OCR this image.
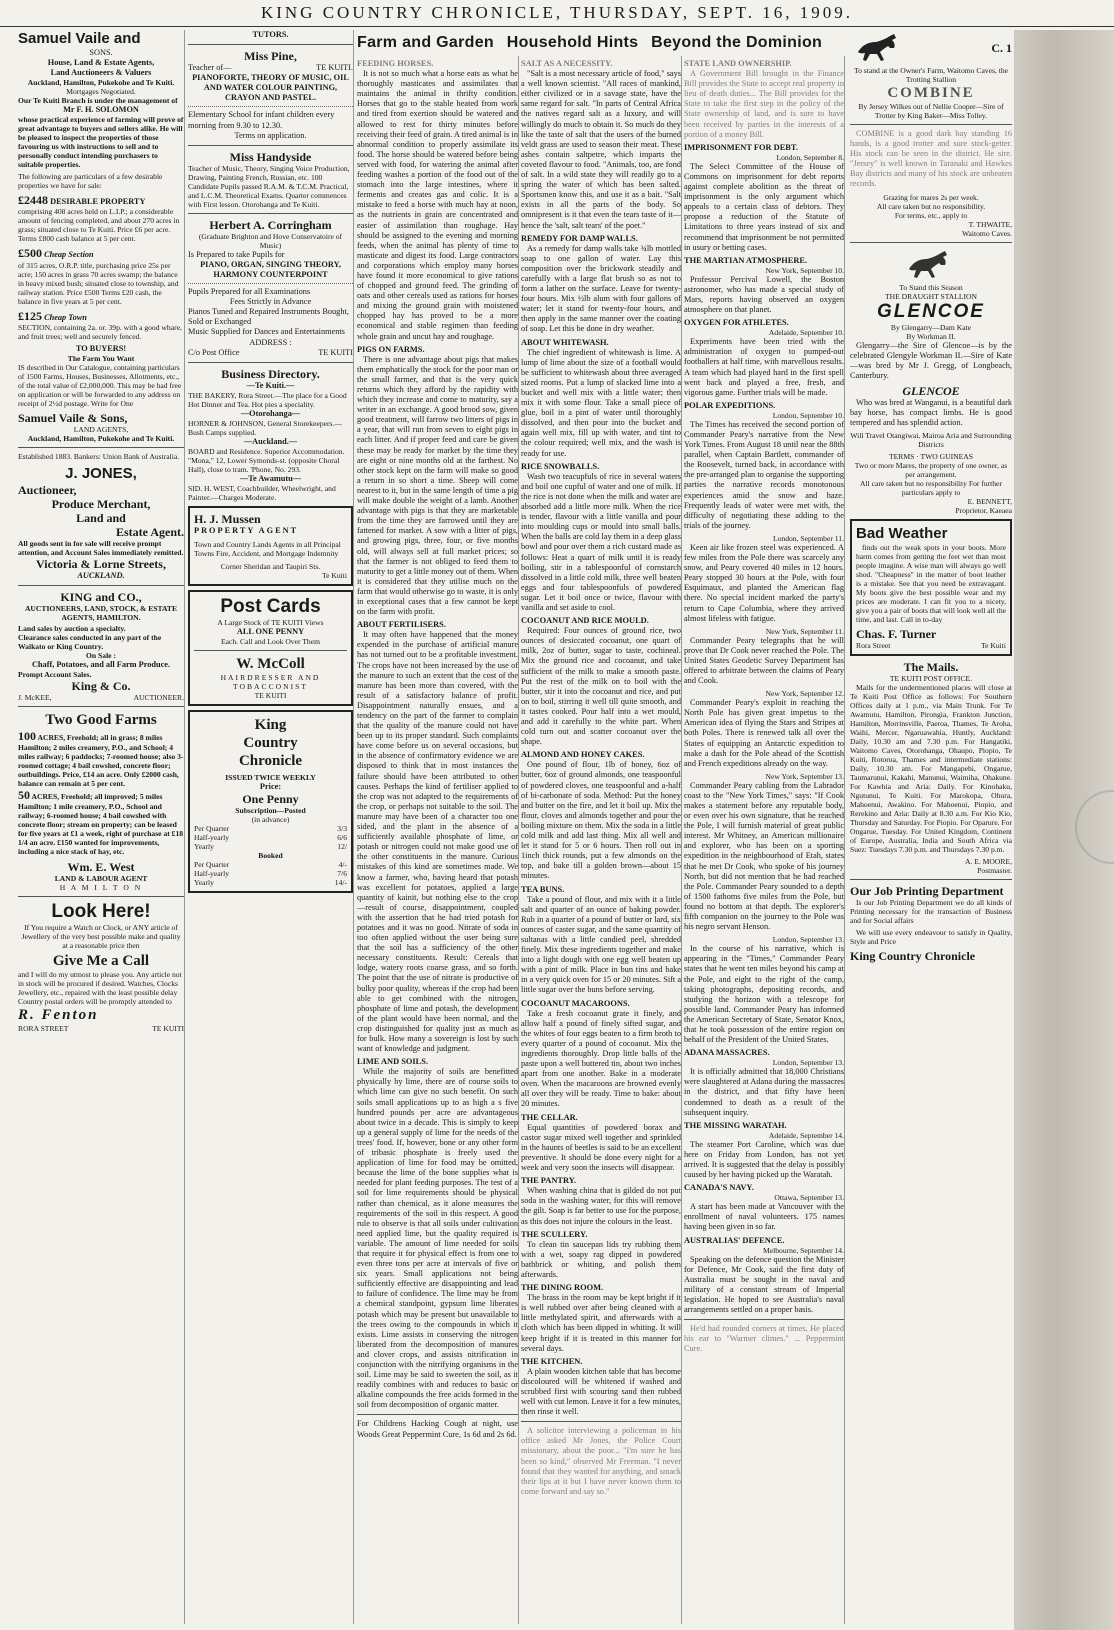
KING COUNTRY CHRONICLE, THURSDAY, SEPT. 16, 1909.
Farm and Garden Household Hints Beyond the Dominion
Samuel Vaile and
SONS.
House, Land & Estate Agents,
Land Auctioneers & Valuers
Auckland, Hamilton, Pukekohe and Te Kuiti.
Mortgages Negotiated.
Our Te Kuiti Branch is under the management of
Mr F. H. SOLOMON
whose practical experience of farming will prove of great advantage to buyers and sellers alike. He will be pleased to inspect the properties of those favouring us with instructions to sell and to personally conduct intending purchasers to suitable properties.
The following are particulars of a few desirable properties we have for sale:
£2448 DESIRABLE PROPERTY
comprising 408 acres held on L.I.P.; a considerable amount of fencing completed, and about 270 acres in grass; situated close to Te Kuiti. Price £6 per acre. Terms £800 cash balance at 5 per cent.
£500 Cheap Section
of 315 acres, O.R.P. title, purchasing price 25s per acre; 150 acres in grass 70 acres swamp; the balance in heavy mixed bush; situated close to township, and railway station. Price £500 Terms £20 cash, the balance in five years at 5 per cent.
£125 Cheap Town
SECTION, containing 2a. or. 39p. with a good whare, and fruit trees; well and securely fenced.
TO BUYERS!
The Farm You Want
IS described in Our Catalogue, containing particulars of 1500 Farms, Houses, Businesses, Allotments, etc., of the total value of £2,000,000. This may be had free on application or will be forwarded to any address on receipt of 2½d postage. Write for One
Samuel Vaile & Sons,
LAND AGENTS,
Auckland, Hamilton, Pukekohe and Te Kuiti.
Established 1883. Bankers: Union Bank of Australia.
J. JONES,
Auctioneer,
Produce Merchant,
Land and
Estate Agent.
All goods sent in for sale will receive prompt attention, and Account Sales immediately remitted.
Victoria & Lorne Streets,
AUCKLAND.
KING and CO.,
AUCTIONEERS, LAND, STOCK, & ESTATE AGENTS, HAMILTON.
Land sales by auction a specialty.
Clearance sales conducted in any part of the Waikato or King Country.
On Sale :
Chaff, Potatoes, and all Farm Produce.
Prompt Account Sales.
King & Co.
J. McKEE,	AUCTIONEER.
Two Good Farms
100 ACRES, Freehold; all in grass; 8 miles Hamilton; 2 miles creamery, P.O., and School; 4 miles railway; 6 paddocks; 7-roomed house; also 3-roomed cottage; 4 bail cowshed, concrete floor; outbuildings. Price, £14 an acre. Only £2000 cash, balance can remain at 5 per cent.
50 ACRES, Freehold; all improved; 5 miles Hamilton; 1 mile creamery, P.O., School and railway; 6-roomed house; 4 bail cowshed with concrete floor; stream on property; can be leased for five years at £1 a week, right of purchase at £18 1/4 an acre. £150 wanted for improvements, including a nice stack of hay, etc.
Wm. E. West
LAND & LABOUR AGENT
H A M I L T O N
Look Here!
If You require a Watch or Clock, or ANY article of Jewellery of the very best possible make and quality at a reasonable price then
Give Me a Call
and I will do my utmost to please you. Any article not in stock will be procured if desired. Watches, Clocks Jewellery, etc., repaired with the least possible delay Country postal orders will be promptly attended to
R. Fenton
RORA STREET	TE KUITI
TUTORS.
Miss Pine,
Teacher of—	TE KUITI.
PIANOFORTE, THEORY OF MUSIC, OIL AND WATER COLOUR PAINTING, CRAYON AND PASTEL.
Elementary School for infant children every morning from 9.30 to 12.30.
Terms on application.
Miss Handyside
Teacher of Music, Theory, Singing Voice Production, Drawing, Painting French, Russian, etc. 100 Candidate Pupils passed R.A.M. & T.C.M. Practical, and L.C.M. Theoretical Exams. Quarter commences with First lesson. Otorohanga and Te Kuiti.
Herbert A. Corringham
(Graduate Brighton and Hove Conservatoire of Music)
Is Prepared to take Pupils for
PIANO, ORGAN, SINGING THEORY, HARMONY COUNTERPOINT
Pupils Prepared for all Examinations
Fees Strictly in Advance
Pianos Tuned and Repaired Instruments Bought, Sold or Exchanged
Music Supplied for Dances and Entertainments
ADDRESS :
C/o Post Office	TE KUITI
Business Directory.
—Te Kuiti.—
THE BAKERY, Rora Street.—The place for a Good Hot Dinner and Tea. Hot pies a speciality.
—Otorohanga—
HORNER & JOHNSON, General Storekeepers.—Bush Camps supplied.
—Auckland.—
BOARD and Residence. Superior Accommodation. "Mona," 12, Lower Symonds-st. (opposite Choral Hall), close to tram. 'Phone, No. 293.
—Te Awamutu—
SID. H. WEST, Coachbuilder, Wheelwright, and Painter.—Charges Moderate.
H. J. Mussen
PROPERTY AGENT
Town and Country Lands Agents in all Principal Towns Fire, Accident, and Mortgage Indemnity
Corner Sheridan and Taupiri Sts.
Te Kuiti
Post Cards
A Large Stock of TE KUITI Views
ALL ONE PENNY
Each. Call and Look Over Them
W. McColl
HAIRDRESSER AND TOBACCONIST
TE KUITI
King
Country
Chronicle
ISSUED TWICE WEEKLY
Price:
One Penny
Subscription—Posted
(in advance)
Per Quarter	3/3
Half-yearly	6/6
Yearly	12/
Booked
Per Quarter	4/-
Half-yearly	7/6
Yearly	14/-
FEEDING HORSES.

It is not so much what a horse eats as what he thoroughly masticates and assimilates that maintains the animal in thrifty condition. Horses that go to the stable heated from work and tired from exertion should be watered and allowed to rest for thirty minutes before receiving their feed of grain. A tired animal is in abnormal condition to properly assimilate its food. The horse should be watered before being served with food, for watering the animal after feeding washes a portion of the food out of the stomach into the large intestines, where it ferments and creates gas and colic. It is a mistake to feed a horse with much hay at noon, as the nutrients in grain are concentrated and easier of assimilation than roughage. Hay should be assigned to the evening and morning feeds, when the animal has plenty of time to masticate and digest its food. Large contractors and corporations which employ many horses have found it more economical to give rations of chopped and ground feed. The grinding of oats and other cereals used as rations for horses and mixing the ground grain with moistened chopped hay has proved to be a more economical and stable regimen than feeding whole grain and uncut hay and roughage.

PIGS ON FARMS.

There is one advantage about pigs that makes them emphatically the stock for the poor man or the small farmer, and that is the very quick returns which they afford by the rapidity with which they increase and come to maturity, say a writer in an exchange. A good brood sow, given good treatment, will farrow two litters of pigs in a year, that will run from seven to eight pigs in each litter. And if proper feed and care be given these may be ready for market by the time they are eight or nine months old at the farthest. No other stock kept on the farm will make so good a return in so short a time. Sheep will come nearest to it, but in the same length of time a pig will make double the weight of a lamb. Another advantage with pigs is that they are marketable from the time they are farrowed until they are fattened for market. A sow with a litter of pigs, and growing pigs, three, four, or five months old, will always sell at full market prices; so that the farmer is not obliged to feed them to maturity to get a little money out of them. When it is considered that they utilise much on the farm that would otherwise go to waste, it is only in exceptional cases that a few cannot be kept on the farm with profit.

ABOUT FERTILISERS.

It may often have happened that the money expended in the purchase of artificial manure has not turned out to be a profitable investment. The crops have not been increased by the use of the manure to such an extent that the cost of the manure has been more than covered, with the result of a satisfactory balance of profit. Disappointment naturally ensues, and a tendency on the part of the farmer to complain that the quality of the manure could not have been up to its proper standard. Such complaints have come before us on several occasions, but in the absence of confirmatory evidence we are disposed to think that in most instances the failure should have been attributed to other causes. Perhaps the kind of fertiliser applied to the crop was not adapted to the requirements of the crop, or perhaps not suitable to the soil. The manure may have been of a character too one sided, and the plant in the absence of a sufficiently available phosphate of lime, or potash or nitrogen could not make good use of the other constituents in the manure. Curious mistakes of this kind are sometimes made. We know a farmer, who, having heard that potash was excellent for potatoes, applied a large quantity of kainit, but nothing else to the crop —result of course, disappointment, coupled with the assertion that he had tried potash for potatoes and it was no good. Nitrate of soda in too often applied without the user being sure that the soil has a sufficiency of the other necessary constituents. Result: Cereals that lodge, watery roots coarse grass, and so forth. The point that the use of nitrate is productive of bulky poor quality, whereas if the crop had been able to get combined with the nitrogen, phosphate of lime and potash, the development of the plant would have been normal, and the crop distinguished for quality just as much as for bulk. How many a sovereign is lost by such want of knowledge and judgment.

LIME AND SOILS.

While the majority of soils are benefitted physically by lime, there are of course soils to which lime can give no such benefit. On such soils small applications up to as high a s five hundred pounds per acre are advantageous about twice in a decade. This is simply to keep up a general supply of lime for the needs of the trees' food. If, however, bone or any other form of tribasic phosphate is freely used the application of lime for food may be omitted, because the lime of the bone supplies what is needed for plant feeding purposes. The test of a soil for lime requirements should be physical rather than chemical, as it alone measures the requirements of the soil in this respect. A good rule to observe is that all soils under cultivation need applied lime, but the quality required is variable. The amount of lime needed for soils that require it for physical effect is from one to even three tons per acre at intervals of five or six years. Small applications not being sufficiently effective are disappointing and lead to failure of confidence. The lime may be from a chemical standpoint, gypsum lime liberates potash which may be present but unavailable to the trees owing to the compounds in which it exists. Lime assists in conserving the nitrogen liberated from the decomposition of manures and clover crops, and assists nitrification in conjunction with the nitrifying organisms in the soil. Lime may be said to sweeten the soil, as it readily combines with and reduces to basic or alkaline compounds the free acids formed in the soil from decomposition of organic matter.

For Childrens Hacking Cough at night, use Woods Great Peppermint Cure, 1s 6d and 2s 6d.

SALT AS A NECESSITY.

"Salt is a most necessary article of food," says a well known scientist. "All races of mankind, either civilized or in a savage state, have the same regard for salt. "In parts of Central Africa the natives regard salt as a luxury, and will willingly do much to obtain it. So much do they like the taste of salt that the users of the burned veldt grass are used to season their meat. These ashes contain saltpetre, which imparts the coveted flavour to food. "Animals, too, are fond of salt. In a wild state they will readily go to a spring the water of which has been salted. Sportsmen know this, and use it as a bait. "Salt exists in all the parts of the body. So omnipresent is it that even the tears taste of it—hence the 'salt, salt tears' of the poet."

REMEDY FOR DAMP WALLS.

As a remedy for damp walls take ¾lb mottled soap to one gallon of water. Lay this composition over the brickwork steadily and carefully with a large flat brush so as not to form a lather on the surface. Leave for twenty-four hours. Mix ½lb alum with four gallons of water; let it stand for twenty-four hours, and then apply in the same manner over the coating of soap. Let this be done in dry weather.

ABOUT WHITEWASH.

The chief ingredient of whitewash is lime. A lump of lime about the size of a football would be sufficient to whitewash about three averaged sized rooms. Put a lump of slacked lime into a bucket and well mix with a little water; then mix it with some flour. Take a small piece of glue, boil in a pint of water until thoroughly dissolved, and then pour into the bucket and again well mix, fill up with water, and tint to the colour required; well mix, and the wash is ready for use.

RICE SNOWBALLS.

Wash two teacupfuls of rice in several waters and boil one cupful of water and one of milk. If the rice is not done when the milk and water are absorbed add a little more milk. When the rice is tender, flavour with a little vanilla and pour into moulding cups or mould into small balls. When the balls are cold lay them in a deep glass bowl and pour over them a rich custard made as follows: Heat a quart of milk until it is ready boiling, stir in a tablespoonful of cornstarch dissolved in a little cold milk, three well beaten eggs and four tablespoonfuls of powdered sugar. Let it boil once or twice, flavour with vanilla and set aside to cool.

COCOANUT AND RICE MOULD.

Required: Four ounces of ground rice, two ounces of desiccated cocoanut, one quart of milk, 2oz of butter, sugar to taste, cochineal. Mix the ground rice and cocoanut, and take sufficient of the milk to make a smooth paste. Put the rest of the milk on to boil with the butter, stir it into the cocoanut and rice, and put on to boil, stirring it well till quite smooth, and it tastes cooked. Pour half into a wet mould, and add it carefully to the white part. When cold turn out and scatter cocoanut over the shape.

ALMOND AND HONEY CAKES.

One pound of flour, 1lb of honey, 6oz of butter, 6oz of ground almonds, one teaspoonful of powdered cloves, one teaspoonful and a-half of bi-carbonate of soda. Method: Put the honey and butter on the fire, and let it boil up. Mix the flour, cloves and almonds together and pour the boiling mixture on them. Mix the soda in a little cold milk and add last thing. Mix all well and let it stand for 5 or 6 hours. Then roll out in 1inch thick rounds, put a few almonds on the top, and bake till a golden brown—about 15 minutes.

TEA BUNS.

Take a pound of flour, and mix with it a little salt and quarter of an ounce of baking powder. Rub in a quarter of a pound of butter or lard, six ounces of caster sugar, and the same quantity of sultanas with a little candied peel, shredded finely. Mix these ingredients together and make into a light dough with one egg well beaten up with a pint of milk. Place in bun tins and bake in a very quick oven for 15 or 20 minutes. Sift a little sugar over the buns before serving.

COCOANUT MACAROONS.

Take a fresh cocoanut grate it finely, and allow half a pound of finely sifted sugar, and the whites of four eggs beaten to a firm broth to every quarter of a pound of cocoanut. Mix the ingredients thoroughly. Drop little balls of the paste upon a well buttered tin, about two inches apart from one another. Bake in a moderate oven. When the macaroons are browned evenly all over they will be ready. Time to bake: about 20 minutes.

THE CELLAR.

Equal quantities of powdered borax and castor sugar mixed well together and sprinkled in the haunts of beetles is said to be an excellent preventive. It should be done every night for a week and very soon the insects will disappear.

THE PANTRY.

When washing china that is gilded do not put soda in the washing water, for this will remove the gilt. Soap is far better to use for the purpose, as this does not injure the colours in the least.

THE SCULLERY.

To clean tin saucepan lids try rubbing them with a wet, soapy rag dipped in powdered bathbrick or whiting, and polish them afterwards.

THE DINING ROOM.

The brass in the room may be kept bright if it is well rubbed over after being cleaned with a little methylated spirit, and afterwards with a cloth which has been dipped in whiting. It will keep bright if it is treated in this manner for several days.

THE KITCHEN.

A plain wooden kitchen table that has become discoloured will be whitened if washed and scrubbed first with scouring sand then rubbed well with cut lemon. Leave it for a few minutes, then rinse it well.

A solicitor interviewing a policeman in his office asked Mr Jones, the Police Court missionary, about the poor... "I'm sure he has been so kind," observed Mr Freeman. "I never found that they wanted for anything, and smack their lips at it but I have never known them to come forward and say so."

STATE LAND OWNERSHIP.

A Government Bill brought in the Finance Bill provides the State to accept real property in lieu of death duties... The Bill provides for the State to take the first step in the policy of the State ownership of land, and is sure to have been received by parties in the interests of a portion of a money Bill.

IMPRISONMENT FOR DEBT.
London, September 8.

The Select Committee of the House of Commons on imprisonment for debt reports against complete abolition as the threat of imprisonment is the only argument which appeals to a certain class of debtors. They propose a reduction of the Statute of Limitations to three years instead of six and recommend that imprisonment be not permitted in usury or betting cases.

THE MARTIAN ATMOSPHERE.
New York, September 10.

Professor Percival Lowell, the Boston astronomer, who has made a special study of Mars, reports having observed an oxygen atmosphere on that planet.

OXYGEN FOR ATHLETES.
Adelaide, September 10.

Experiments have been tried with the administration of oxygen to pumped-out footballers at half time, with marvellous results. A team which had played hard in the first spell went back and played a free, fresh, and vigorous game. Further trials will be made.

POLAR EXPEDITIONS.
London, September 10.

The Times has received the second portion of Commander Peary's narrative from the New York Times. From August 18 until near the 88th parallel, when Captain Bartlett, commander of the Roosevelt, turned back, in accordance with the pre-arranged plan to organise the supporting parties the narrative records monotonous experiences amid the snow and haze. Frequently leads of water were met with, the difficulty of negotiating these adding to the trials of the journey.

London, September 11.

Keen air like frozen steel was experienced. A few miles from the Pole there was scarcely any snow, and Peary covered 40 miles in 12 hours. Peary stopped 30 hours at the Pole, with four Esquimaux, and planted the American flag there. No special incident marked the party's return to Cape Columbia, where they arrived almost lifeless with fatigue.

New York, September 11.

Commander Peary telegraphs that he will prove that Dr Cook never reached the Pole. The United States Geodetic Survey Department has offered to arbitrate between the claims of Peary and Cook.

New York, September 12.

Commander Peary's exploit in reaching the North Pole has given great impetus to the American idea of flying the Stars and Stripes at both Poles. There is renewed talk all over the States of equipping an Antarctic expedition to make a dash for the Pole ahead of the Scottish and French expeditions already on the way.

New York, September 13.

Commander Peary cabling from the Labrador coast to the "New York Times," says: "If Cook makes a statement before any reputable body, or even over his own signature, that he reached the Pole, I will furnish material of great public interest. Mr Whitney, an American millionaire and explorer, who has been on a sporting expedition in the neighbourhood of Etah, states that he met Dr Cook, who spoke of his journey North, but did not mention that he had reached the Pole. Commander Peary sounded to a depth of 1500 fathoms five miles from the Pole, but found no bottom at that depth. The explorer's fifth companion on the journey to the Pole was his negro servant Henson.

London, September 13.

In the course of his narrative, which is appearing in the "Times," Commander Peary states that he went ten miles beyond his camp at the Pole, and eight to the right of the camp, taking photographs, depositing records, and studying the horizon with a telescope for possible land. Commander Peary has informed the American Secretary of State, Senator Knox, that he took possession of the entire region on behalf of the President of the United States.

ADANA MASSACRES.
London, September 13.

It is officially admitted that 18,000 Christians were slaughtered at Adana during the massacres in the district, and that fifty have been condemned to death as a result of the subsequent inquiry.

THE MISSING WARATAH.
Adelaide, September 14.

The steamer Port Caroline, which was due here on Friday from London, has not yet arrived. It is suggested that the delay is possibly caused by her having picked up the Waratah.

CANADA'S NAVY.
Ottawa, September 13.

A start has been made at Vancouver with the enrollment of naval volunteers. 175 names having been given in so far.

AUSTRALIAS' DEFENCE.
Melbourne, September 14.

Speaking on the defence question the Minister for Defence, Mr Cook, said the first duty of Australia must be sought in the naval and military of a constant stream of Imperial legislation. He hoped to see Australia's naval arrangements settled on a proper basis.

He'd had rounded corners at times, He placed his ear to "Warmer climes." ... Peppermint Cure.

C. 1
To stand at the Owner's Farm, Waitomo Caves, the Trotting Stallion
COMBINE
By Jersey Wilkes out of Nellie Cooper—Sire of Trotter by King Baker—Miss Tolley.

COMBINE is a good dark bay standing 16 hands, is a good trotter and sure stock-getter. His stock can be seen in the district. He sire. "Jersey" is well known in Taranaki and Hawkes Bay districts and many of his stock are unbeaten records.

Grazing for mares 2s per week.
All care taken but no responsibility.
For terms, etc., apply to
T. THWAITE,
Waitomo Caves.
To Stand this Season
THE DRAUGHT STALLION
GLENCOE
By Glengarry—Dam Kate
By Workman II.

Glengarry—the Sire of Glencoe—is by the celebrated Glengyle Workman II.—Sire of Kate—was bred by Mr J. Gregg, of Longbeach, Canterbury.

GLENCOE

Who was bred at Wanganui, is a beautiful dark bay horse, has compact limbs. He is good tempered and has splendid action.

Will Travel Otangiwai, Mairoa Aria and Surrounding Districts
TERMS · TWO GUINEAS
Two or more Mares, the property of one owner, as per arrangement.
All care taken but no responsibility For further particulars apply to
E. BENNETT,
Proprietor, Kaeaea
Bad Weather

finds out the weak spots in your boots. More harm comes from getting the feet wet than most people imagine. A wise man will always go well shod. "Cheapness" in the matter of boot leather is a mistake. See that you need be extravagant. My boots give the best possible wear and my prices are moderate. I can fit you to a nicety, give you a pair of boots that will look well all the time, and last. Call in to-day

Chas. F. Turner
Rora Street	Te Kuiti
The Mails.
TE KUITI POST OFFICE.

Mails for the undermentioned places will close at Te Kuiti Post Office as follows: For Southern Offices daily at 1 p.m., via Main Trunk. For Te Awamutu, Hamilton, Pirongia, Frankton Junction, Hamilton, Morrinsville, Paeroa, Thames, Te Aroha, Waihi, Mercer, Ngaruawahia, Huntly, Auckland: Daily, 10.30 am and 7.30 p.m. For Hangatiki, Waitomo Caves, Otorohanga, Ohaupo, Piopio, Te Kuiti, Rotorua, Thames and intermediate stations: Daily, 10.30 am. For Mangapehi, Ongarue, Taumarunui, Kakahi, Manunui, Waimiha, Ohakune. For Kawhia and Aria: Daily. For Kinohaku, Ngutunui, Te Kuiti. For Marokopa, Ohura, Mahoenui, Awakino. For Mahoenui, Piopio, and Rerekino and Aria: Daily at 8.30 a.m. For Kio Kio, Thursday and Saturday. For Piopio. For Oparure. For Ongarue, Tuesday. For United Kingdom, Continent of Europe, Australia, India and South Africa via Suez: Tuesdays 7.30 p.m. and Thursdays 7.30 p.m.

A. E. MOORE,
Postmaster.
Our Job Printing Department

Is our Job Printing Department we do all kinds of Printing necessary for the transaction of Business and for Social affairs

We will use every endeavour to satisfy in Quality, Style and Price

King Country Chronicle
